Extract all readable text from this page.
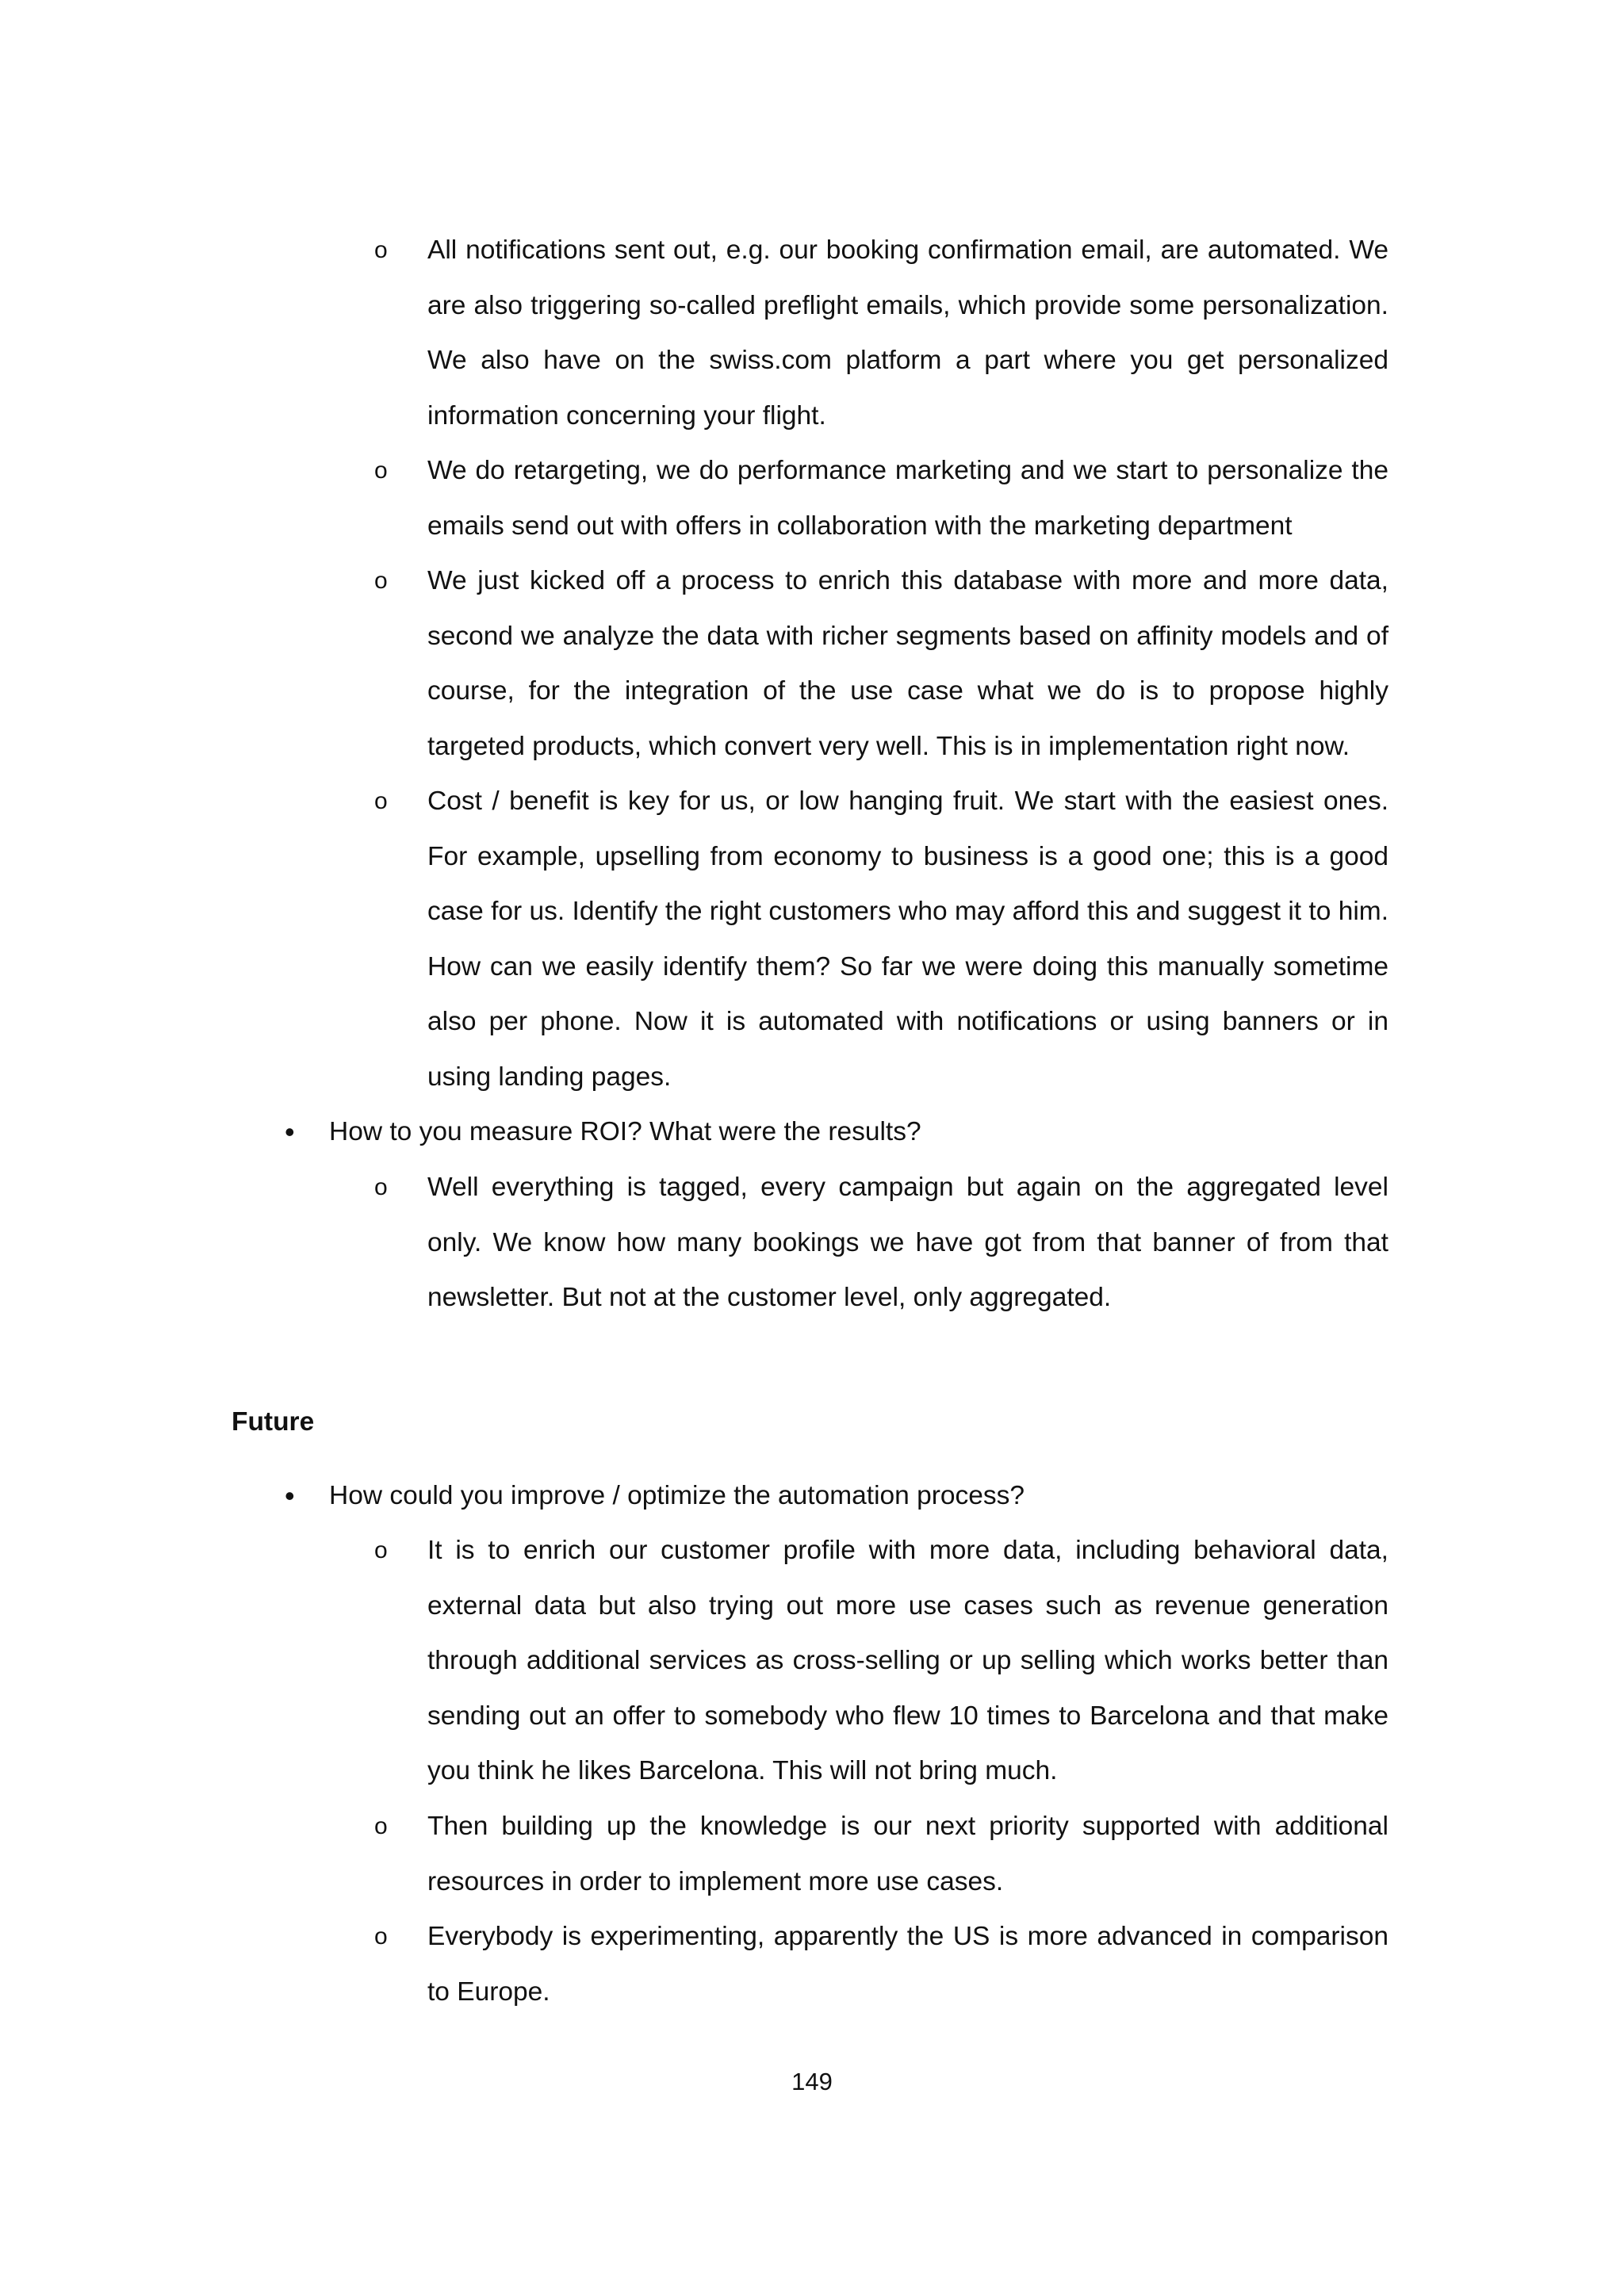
o	All notifications sent out, e.g. our booking confirmation email, are automated. We are also triggering so-called preflight emails, which provide some personalization. We also have on the swiss.com platform a part where you get personalized information concerning your flight.
o	We do retargeting, we do performance marketing and we start to personalize the emails send out with offers in collaboration with the marketing department
o	We just kicked off a process to enrich this database with more and more data, second we analyze the data with richer segments based on affinity models and of course, for the integration of the use case what we do is to propose highly targeted products, which convert very well. This is in implementation right now.
o	Cost / benefit is key for us, or low hanging fruit. We start with the easiest ones. For example, upselling from economy to business is a good one; this is a good case for us. Identify the right customers who may afford this and suggest it to him. How can we easily identify them? So far we were doing this manually sometime also per phone. Now it is automated with notifications or using banners or in using landing pages.
• How to you measure ROI? What were the results?
o	Well everything is tagged, every campaign but again on the aggregated level only. We know how many bookings we have got from that banner of from that newsletter. But not at the customer level, only aggregated.
Future
• How could you improve / optimize the automation process?
o	It is to enrich our customer profile with more data, including behavioral data, external data but also trying out more use cases such as revenue generation through additional services as cross-selling or up selling which works better than sending out an offer to somebody who flew 10 times to Barcelona and that make you think he likes Barcelona. This will not bring much.
o	Then building up the knowledge is our next priority supported with additional resources in order to implement more use cases.
o	Everybody is experimenting, apparently the US is more advanced in comparison to Europe.
149
